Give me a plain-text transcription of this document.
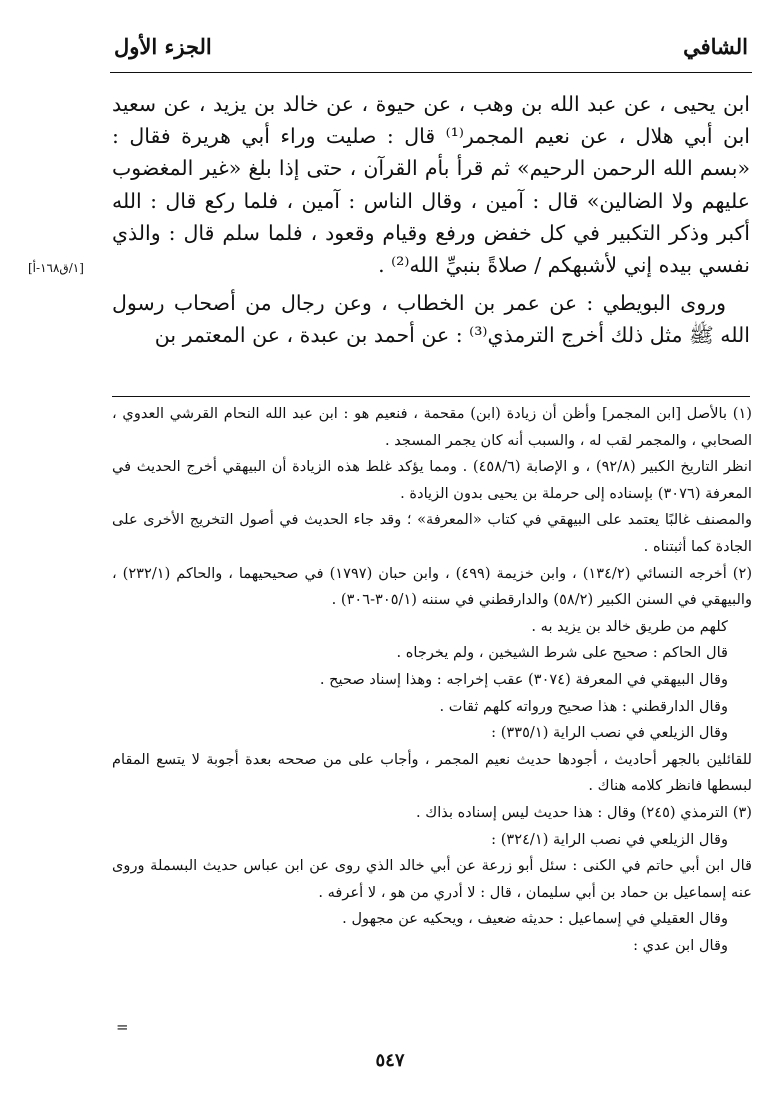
الشافي
الجزء الأول

ابن يحيى ، عن عبد الله بن وهب ، عن حيوة ، عن خالد بن يزيد ، عن سعيد ابن أبي هلال ، عن نعيم المجمر⁽¹⁾ قال : صليت وراء أبي هريرة فقال : «بسم الله الرحمن الرحيم» ثم قرأ بأم القرآن ، حتى إذا بلغ «غير المغضوب عليهم ولا الضالين» قال : آمين ، وقال الناس : آمين ، فلما ركع قال : الله أكبر وذكر التكبير في كل خفض ورفع وقيام وقعود ، فلما سلم قال : والذي نفسي بيده إني لأشبهكم / صلاةً بنبيِّ الله⁽²⁾ .

وروى البويطي : عن عمر بن الخطاب ، وعن رجال من أصحاب رسول الله ﷺ مثل ذلك أخرج الترمذي⁽³⁾ : عن أحمد بن عبدة ، عن المعتمر بن

[١/ق١٦٨-أ]

(١) بالأصل [ابن المجمر] وأظن أن زيادة (ابن) مقحمة ، فنعيم هو : ابن عبد الله النحام القرشي العدوي ، الصحابي ، والمجمر لقب له ، والسبب أنه كان يجمر المسجد .

انظر التاريخ الكبير (٩٢/٨) ، و الإصابة (٤٥٨/٦) . ومما يؤكد غلط هذه الزيادة أن البيهقي أخرج الحديث في المعرفة (٣٠٧٦) بإسناده إلى حرملة بن يحيى بدون الزيادة .

والمصنف غالبًا يعتمد على البيهقي في كتاب «المعرفة» ؛ وقد جاء الحديث في أصول التخريج الأخرى على الجادة كما أثبتناه .

(٢) أخرجه النسائي (١٣٤/٢) ، وابن خزيمة (٤٩٩) ، وابن حبان (١٧٩٧) في صحيحيهما ، والحاكم (٢٣٢/١) ، والبيهقي في السنن الكبير (٥٨/٢) والدارقطني في سننه (٣٠٥/١-٣٠٦) .

كلهم من طريق خالد بن يزيد به .

قال الحاكم : صحيح على شرط الشيخين ، ولم يخرجاه .

وقال البيهقي في المعرفة (٣٠٧٤) عقب إخراجه : وهذا إسناد صحيح .

وقال الدارقطني : هذا صحيح ورواته كلهم ثقات .

وقال الزيلعي في نصب الراية (٣٣٥/١) :

للقائلين بالجهر أحاديث ، أجودها حديث نعيم المجمر ، وأجاب على من صححه بعدة أجوبة لا يتسع المقام لبسطها فانظر كلامه هناك .

(٣) الترمذي (٢٤٥) وقال : هذا حديث ليس إسناده بذاك .

وقال الزيلعي في نصب الراية (٣٢٤/١) :

قال ابن أبي حاتم في الكنى : سئل أبو زرعة عن أبي خالد الذي روى عن ابن عباس حديث البسملة وروى عنه إسماعيل بن حماد بن أبي سليمان ، قال : لا أدري من هو ، لا أعرفه .

وقال العقيلي في إسماعيل : حديثه ضعيف ، ويحكيه عن مجهول .

وقال ابن عدي :

=
٥٤٧
